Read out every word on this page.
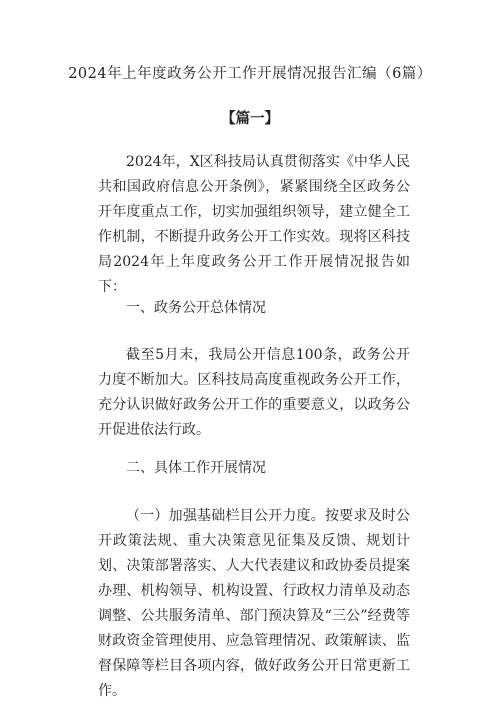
2024年上年度政务公开工作开展情况报告汇编（6篇）
【篇一】

2024年，X区科技局认真贯彻落实《中华人民共和国政府信息公开条例》，紧紧围绕全区政务公开年度重点工作，切实加强组织领导，建立健全工作机制，不断提升政务公开工作实效。现将区科技局2024年上年度政务公开工作开展情况报告如下：

一、政务公开总体情况

截至5月末，我局公开信息100条，政务公开力度不断加大。区科技局高度重视政务公开工作，充分认识做好政务公开工作的重要意义，以政务公开促进依法行政。

二、具体工作开展情况

（一）加强基础栏目公开力度。按要求及时公开政策法规、重大决策意见征集及反馈、规划计划、决策部署落实、人大代表建议和政协委员提案办理、机构领导、机构设置、行政权力清单及动态调整、公共服务清单、部门预决算及“三公”经费等财政资金管理使用、应急管理情况、政策解读、监督保障等栏目各项内容，做好政务公开日常更新工作。
